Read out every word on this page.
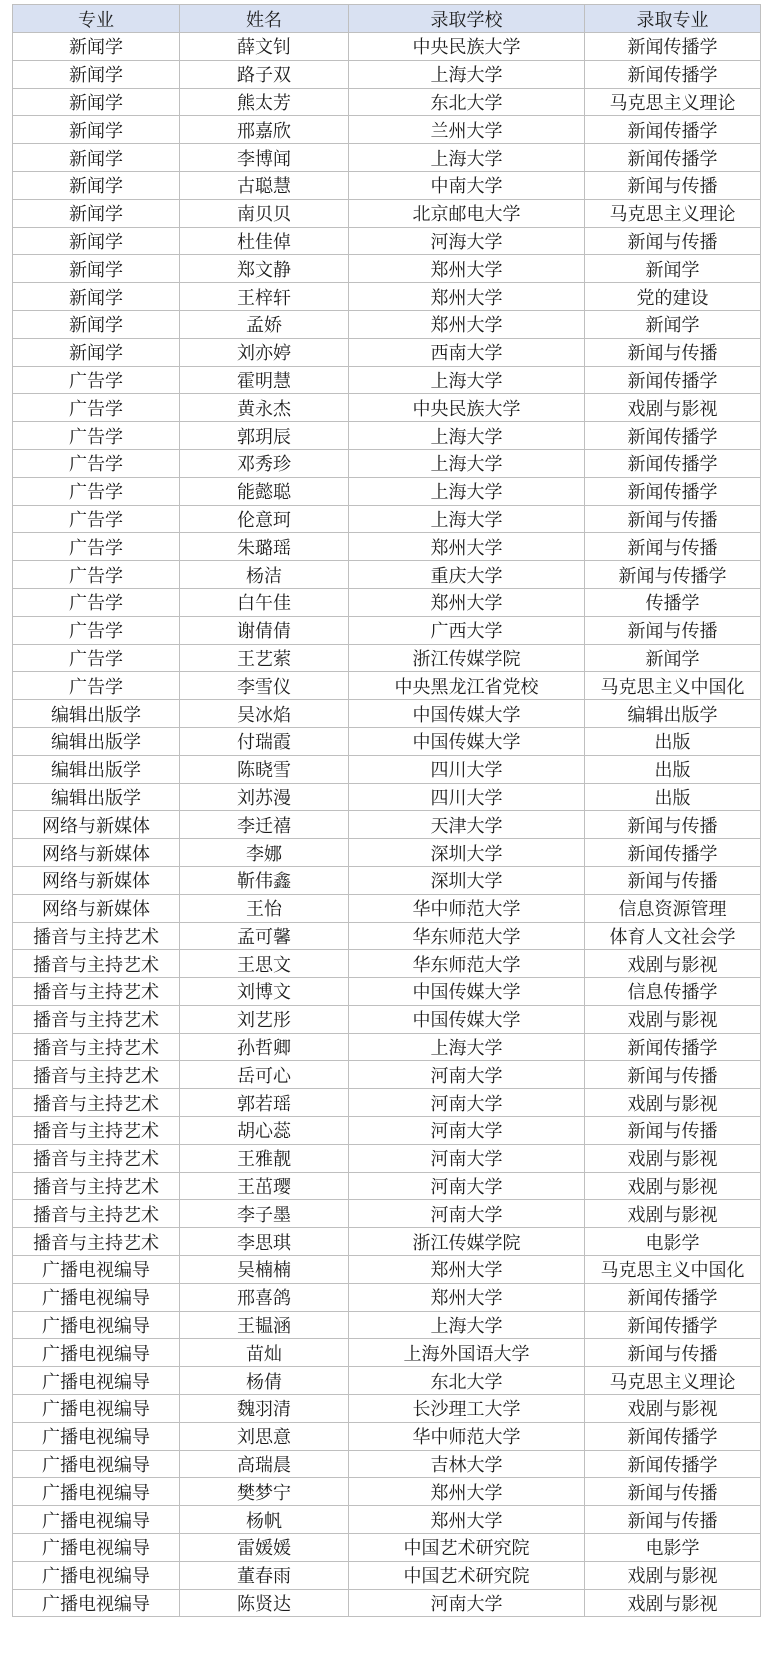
专业	姓名	录取学校	录取专业
新闻学	薛文钊	中央民族大学	新闻传播学
新闻学	路子双	上海大学	新闻传播学
新闻学	熊太芳	东北大学	马克思主义理论
新闻学	邢嘉欣	兰州大学	新闻传播学
新闻学	李博闻	上海大学	新闻传播学
新闻学	古聪慧	中南大学	新闻与传播
新闻学	南贝贝	北京邮电大学	马克思主义理论
新闻学	杜佳倬	河海大学	新闻与传播
新闻学	郑文静	郑州大学	新闻学
新闻学	王梓轩	郑州大学	党的建设
新闻学	孟娇	郑州大学	新闻学
新闻学	刘亦婷	西南大学	新闻与传播
广告学	霍明慧	上海大学	新闻传播学
广告学	黄永杰	中央民族大学	戏剧与影视
广告学	郭玥辰	上海大学	新闻传播学
广告学	邓秀珍	上海大学	新闻传播学
广告学	能懿聪	上海大学	新闻传播学
广告学	伦意珂	上海大学	新闻与传播
广告学	朱璐瑶	郑州大学	新闻与传播
广告学	杨洁	重庆大学	新闻与传播学
广告学	白午佳	郑州大学	传播学
广告学	谢倩倩	广西大学	新闻与传播
广告学	王艺萦	浙江传媒学院	新闻学
广告学	李雪仪	中央黑龙江省党校	马克思主义中国化
编辑出版学	吴冰焰	中国传媒大学	编辑出版学
编辑出版学	付瑞霞	中国传媒大学	出版
编辑出版学	陈晓雪	四川大学	出版
编辑出版学	刘苏漫	四川大学	出版
网络与新媒体	李迁禧	天津大学	新闻与传播
网络与新媒体	李娜	深圳大学	新闻传播学
网络与新媒体	靳伟鑫	深圳大学	新闻与传播
网络与新媒体	王怡	华中师范大学	信息资源管理
播音与主持艺术	孟可馨	华东师范大学	体育人文社会学
播音与主持艺术	王思文	华东师范大学	戏剧与影视
播音与主持艺术	刘博文	中国传媒大学	信息传播学
播音与主持艺术	刘艺彤	中国传媒大学	戏剧与影视
播音与主持艺术	孙哲卿	上海大学	新闻传播学
播音与主持艺术	岳可心	河南大学	新闻与传播
播音与主持艺术	郭若瑶	河南大学	戏剧与影视
播音与主持艺术	胡心蕊	河南大学	新闻与传播
播音与主持艺术	王雅靓	河南大学	戏剧与影视
播音与主持艺术	王茁璎	河南大学	戏剧与影视
播音与主持艺术	李子墨	河南大学	戏剧与影视
播音与主持艺术	李思琪	浙江传媒学院	电影学
广播电视编导	吴楠楠	郑州大学	马克思主义中国化
广播电视编导	邢喜鸽	郑州大学	新闻传播学
广播电视编导	王韫涵	上海大学	新闻传播学
广播电视编导	苗灿	上海外国语大学	新闻与传播
广播电视编导	杨倩	东北大学	马克思主义理论
广播电视编导	魏羽清	长沙理工大学	戏剧与影视
广播电视编导	刘思意	华中师范大学	新闻传播学
广播电视编导	高瑞晨	吉林大学	新闻传播学
广播电视编导	樊梦宁	郑州大学	新闻与传播
广播电视编导	杨帆	郑州大学	新闻与传播
广播电视编导	雷媛媛	中国艺术研究院	电影学
广播电视编导	董春雨	中国艺术研究院	戏剧与影视
广播电视编导	陈贤达	河南大学	戏剧与影视
